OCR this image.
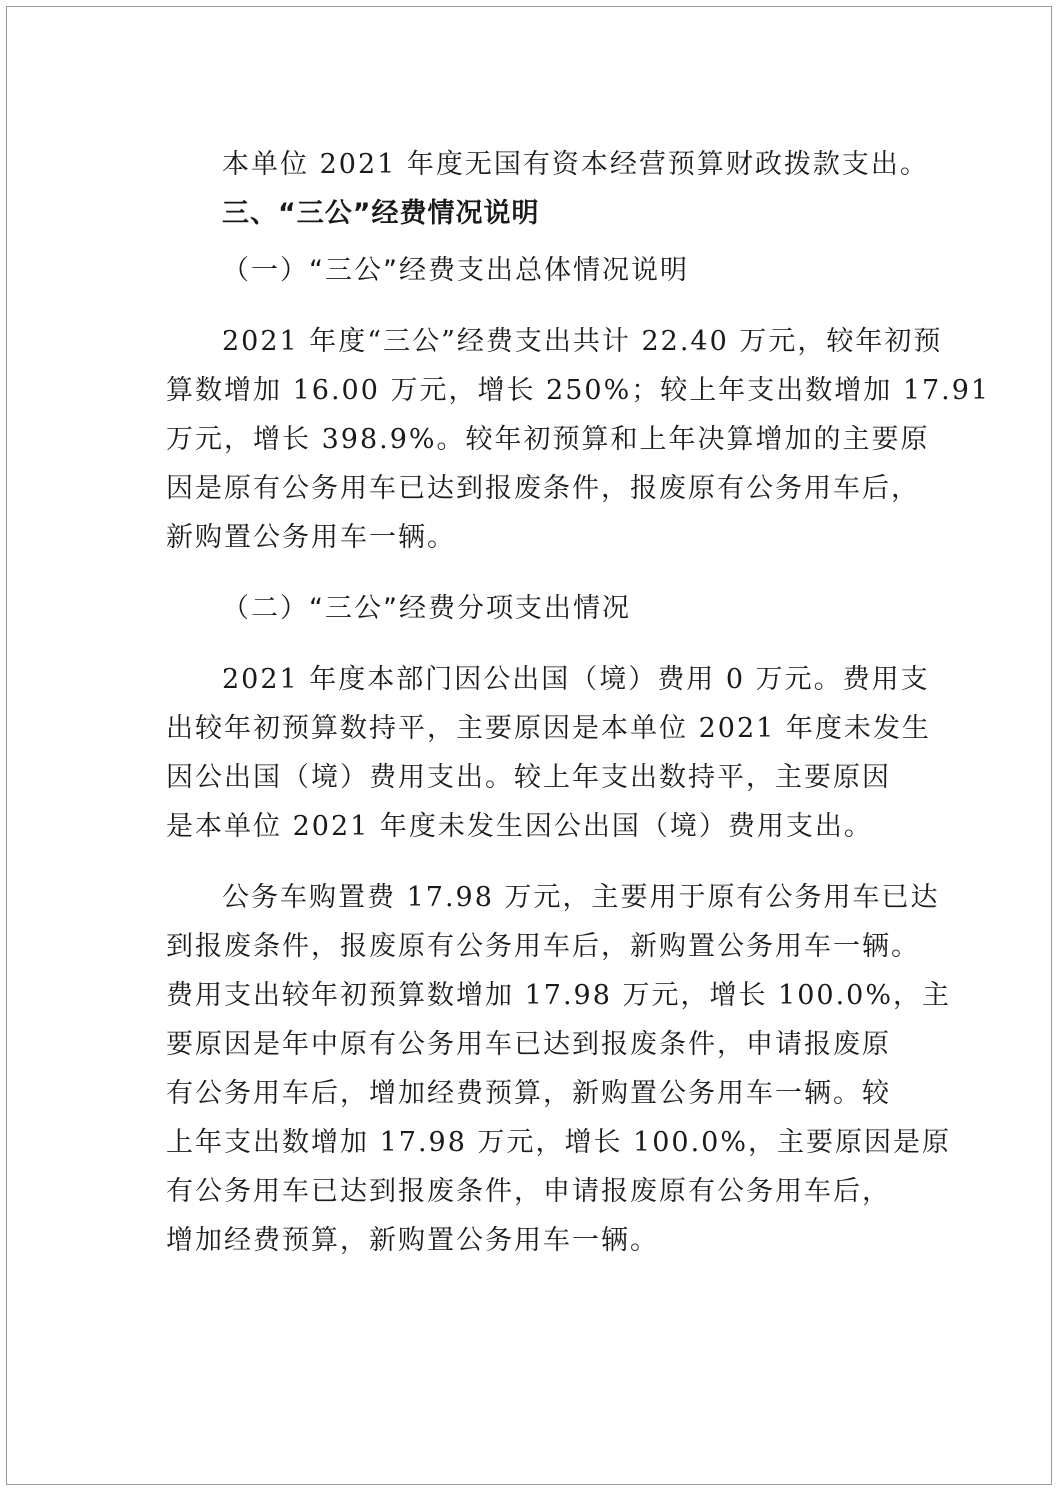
本单位 2021 年度无国有资本经营预算财政拨款支出。
三、“三公”经费情况说明
（一）“三公”经费支出总体情况说明
2021 年度“三公”经费支出共计 22.40 万元，较年初预
算数增加 16.00 万元，增长 250%；较上年支出数增加 17.91
万元，增长 398.9%。较年初预算和上年决算增加的主要原
因是原有公务用车已达到报废条件，报废原有公务用车后，
新购置公务用车一辆。
（二）“三公”经费分项支出情况
2021 年度本部门因公出国（境）费用 0 万元。费用支
出较年初预算数持平，主要原因是本单位 2021 年度未发生
因公出国（境）费用支出。较上年支出数持平，主要原因
是本单位 2021 年度未发生因公出国（境）费用支出。
公务车购置费 17.98 万元，主要用于原有公务用车已达
到报废条件，报废原有公务用车后，新购置公务用车一辆。
费用支出较年初预算数增加 17.98 万元，增长 100.0%，主
要原因是年中原有公务用车已达到报废条件，申请报废原
有公务用车后，增加经费预算，新购置公务用车一辆。较
上年支出数增加 17.98 万元，增长 100.0%，主要原因是原
有公务用车已达到报废条件，申请报废原有公务用车后，
增加经费预算，新购置公务用车一辆。
